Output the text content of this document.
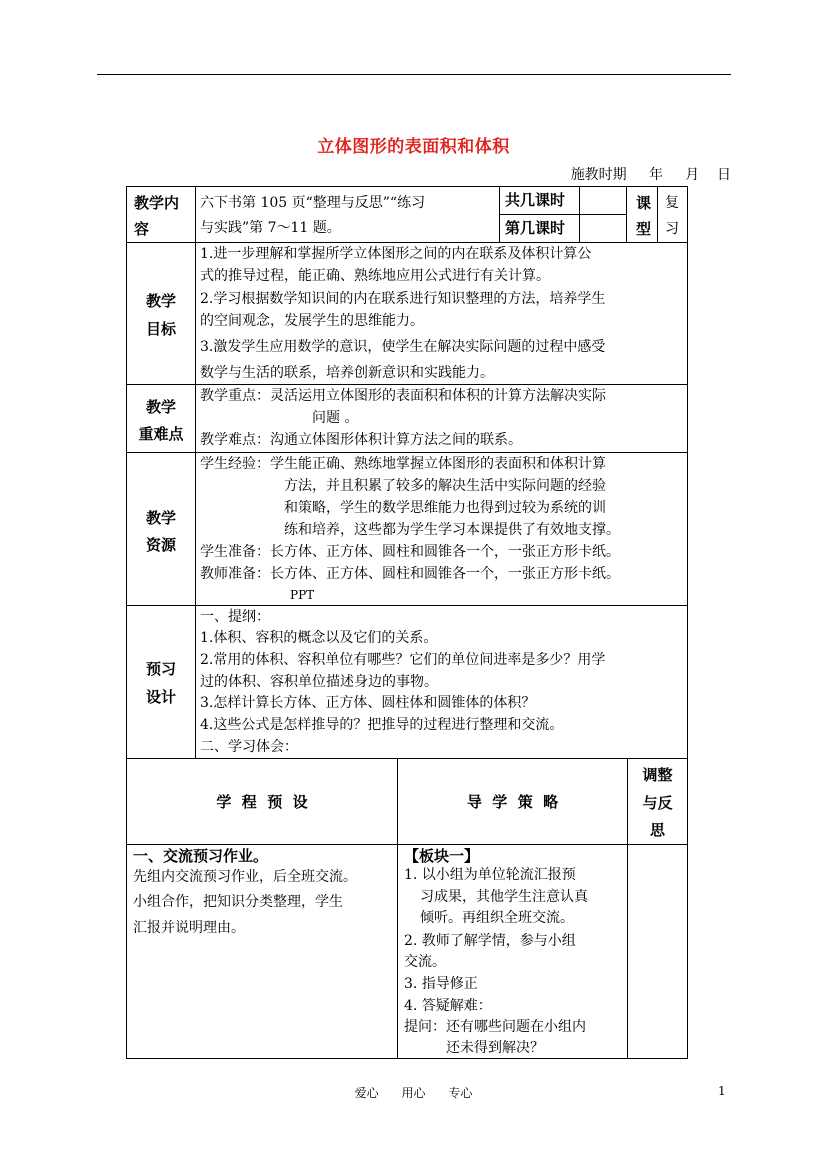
立体图形的表面积和体积
施教时期     年     月    日
教学内
容
六下书第 105 页“整理与反思”“练习
与实践”第 7～11 题。
共几课时
第几课时
课
型
复
习
教学
目标
1.进一步理解和掌握所学立体图形之间的内在联系及体积计算公
式的推导过程，能正确、熟练地应用公式进行有关计算。
2.学习根据数学知识间的内在联系进行知识整理的方法，培养学生
的空间观念，发展学生的思维能力。
3.激发学生应用数学的意识，使学生在解决实际问题的过程中感受
数学与生活的联系，培养创新意识和实践能力。
教学
重难点
教学重点：灵活运用立体图形的表面积和体积的计算方法解决实际
问题 。
教学难点：沟通立体图形体积计算方法之间的联系。
教学
资源
学生经验：学生能正确、熟练地掌握立体图形的表面积和体积计算
方法，并且积累了较多的解决生活中实际问题的经验
和策略，学生的数学思维能力也得到过较为系统的训
练和培养，这些都为学生学习本课提供了有效地支撑。
学生准备：长方体、正方体、圆柱和圆锥各一个，一张正方形卡纸。
教师准备：长方体、正方体、圆柱和圆锥各一个，一张正方形卡纸。
PPT
预习
设计
一、提纲：
1.体积、容积的概念以及它们的关系。
2.常用的体积、容积单位有哪些？它们的单位间进率是多少？用学
过的体积、容积单位描述身边的事物。
3.怎样计算长方体、正方体、圆柱体和圆锥体的体积？
4.这些公式是怎样推导的？把推导的过程进行整理和交流。
二、学习体会：
学  程  预  设	导  学  策  略
调整
与反
思
一、交流预习作业。
先组内交流预习作业，后全班交流。
小组合作，把知识分类整理，学生
汇报并说明理由。
【板块一】
1. 以小组为单位轮流汇报预
习成果，其他学生注意认真
倾听。再组织全班交流。
2. 教师了解学情，参与小组
交流。
3. 指导修正
4. 答疑解难：
提问：还有哪些问题在小组内
还未得到解决？
爱心      用心      专心	1
